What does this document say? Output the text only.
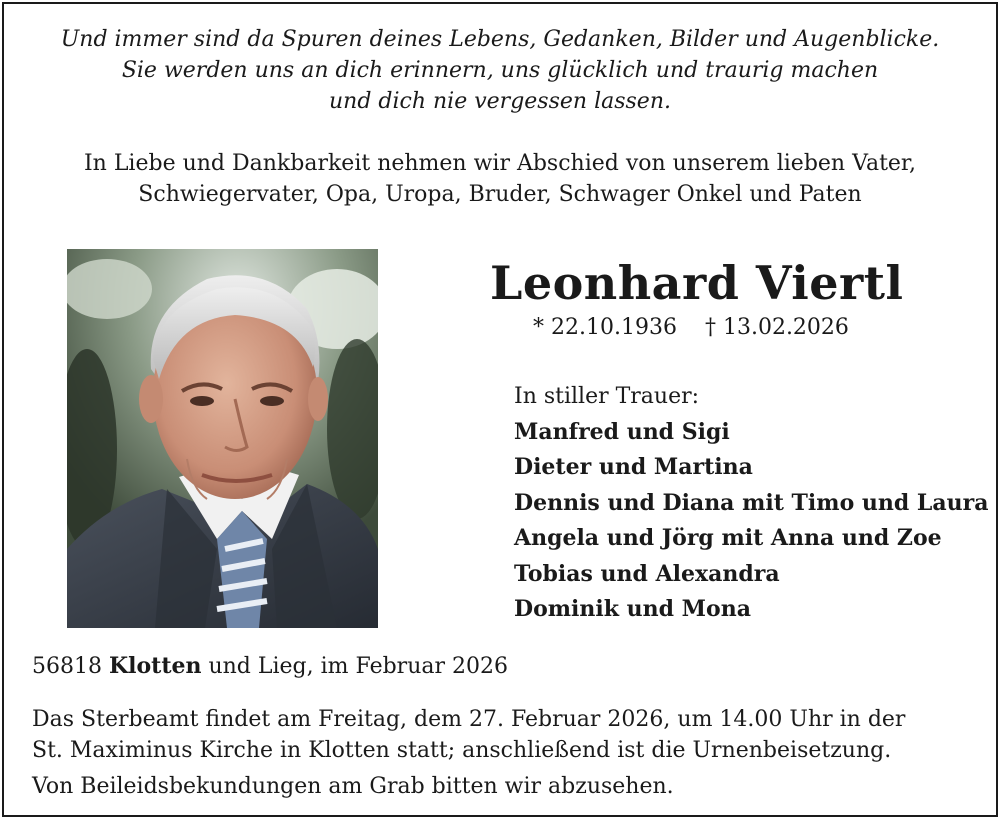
Und immer sind da Spuren deines Lebens, Gedanken, Bilder und Augenblicke.
Sie werden uns an dich erinnern, uns glücklich und traurig machen
und dich nie vergessen lassen.
In Liebe und Dankbarkeit nehmen wir Abschied von unserem lieben Vater,
Schwiegervater, Opa, Uropa, Bruder, Schwager Onkel und Paten
Leonhard Viertl
* 22.10.1936 † 13.02.2026
In stiller Trauer:
Manfred und Sigi
Dieter und Martina
Dennis und Diana mit Timo und Laura
Angela und Jörg mit Anna und Zoe
Tobias und Alexandra
Dominik und Mona
56818 Klotten und Lieg, im Februar 2026
Das Sterbeamt findet am Freitag, dem 27. Februar 2026, um 14.00 Uhr in der
St. Maximinus Kirche in Klotten statt; anschließend ist die Urnenbeisetzung.
Von Beileidsbekundungen am Grab bitten wir abzusehen.
